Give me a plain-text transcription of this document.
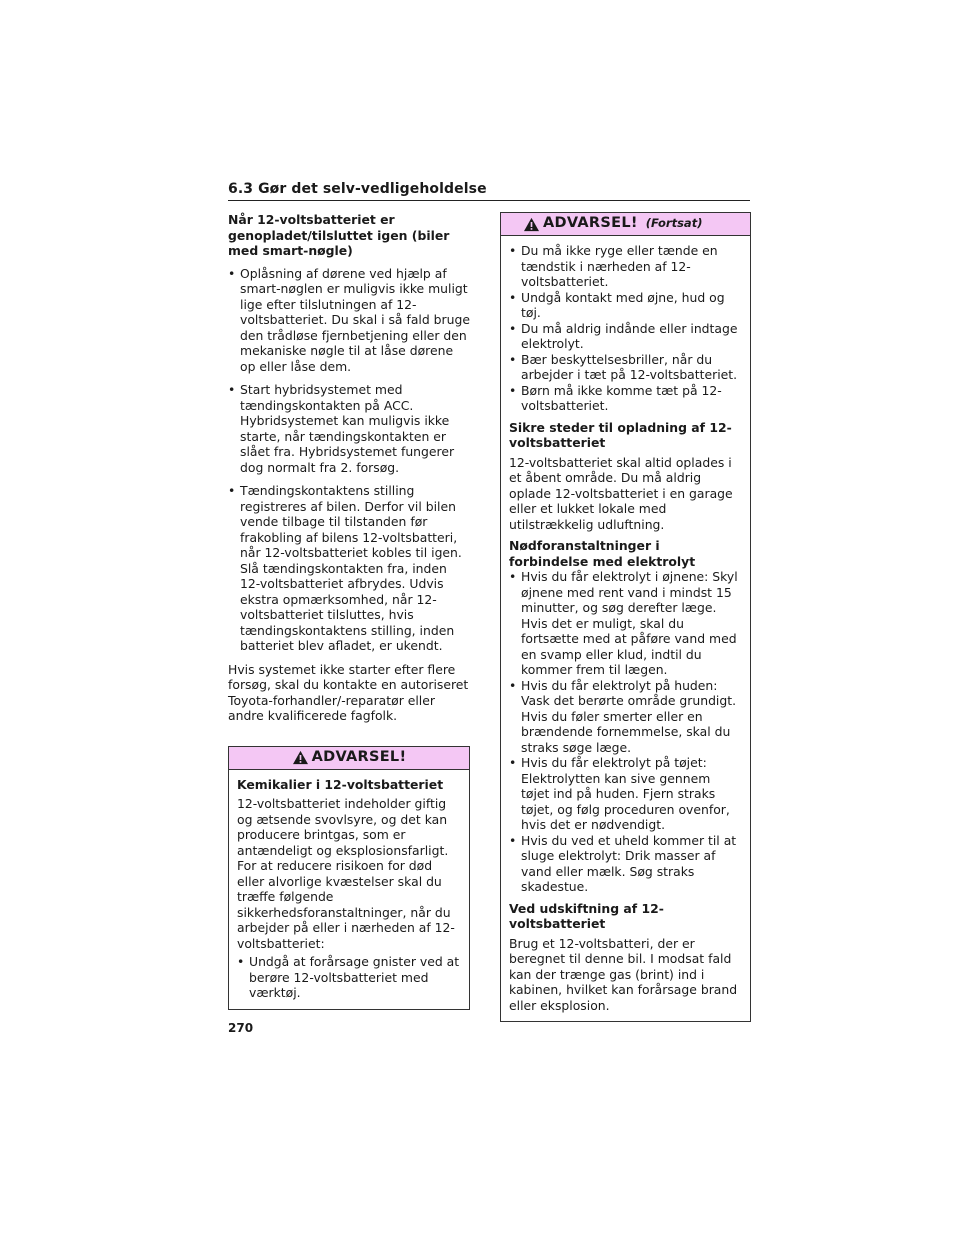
6.3 Gør det selv-vedligeholdelse
Når 12-voltsbatteriet er genopladet/tilsluttet igen (biler med smart-nøgle)
• Oplåsning af dørene ved hjælp af smart-nøglen er muligvis ikke muligt lige efter tilslutningen af 12-voltsbatteriet. Du skal i så fald bruge den trådløse fjernbetjening eller den mekaniske nøgle til at låse dørene op eller låse dem.
• Start hybridsystemet med tændingskontakten på ACC. Hybridsystemet kan muligvis ikke starte, når tændingskontakten er slået fra. Hybridsystemet fungerer dog normalt fra 2. forsøg.
• Tændingskontaktens stilling registreres af bilen. Derfor vil bilen vende tilbage til tilstanden før frakobling af bilens 12-voltsbatteri, når 12-voltsbatteriet kobles til igen. Slå tændingskontakten fra, inden 12-voltsbatteriet afbrydes. Udvis ekstra opmærksomhed, når 12-voltsbatteriet tilsluttes, hvis tændingskontaktens stilling, inden batteriet blev afladet, er ukendt.
Hvis systemet ikke starter efter flere forsøg, skal du kontakte en autoriseret Toyota-forhandler/-reparatør eller andre kvalificerede fagfolk.
ADVARSEL!
Kemikalier i 12-voltsbatteriet
12-voltsbatteriet indeholder giftig og ætsende svovlsyre, og det kan producere brintgas, som er antændeligt og eksplosionsfarligt. For at reducere risikoen for død eller alvorlige kvæstelser skal du træffe følgende sikkerhedsforanstaltninger, når du arbejder på eller i nærheden af 12-voltsbatteriet:
• Undgå at forårsage gnister ved at berøre 12-voltsbatteriet med værktøj.
ADVARSEL! (Fortsat)
• Du må ikke ryge eller tænde en tændstik i nærheden af 12-voltsbatteriet.
• Undgå kontakt med øjne, hud og tøj.
• Du må aldrig indånde eller indtage elektrolyt.
• Bær beskyttelsesbriller, når du arbejder i tæt på 12-voltsbatteriet.
• Børn må ikke komme tæt på 12-voltsbatteriet.
Sikre steder til opladning af 12-voltsbatteriet
12-voltsbatteriet skal altid oplades i et åbent område. Du må aldrig oplade 12-voltsbatteriet i en garage eller et lukket lokale med utilstrækkelig udluftning.
Nødforanstaltninger i forbindelse med elektrolyt
• Hvis du får elektrolyt i øjnene: Skyl øjnene med rent vand i mindst 15 minutter, og søg derefter læge. Hvis det er muligt, skal du fortsætte med at påføre vand med en svamp eller klud, indtil du kommer frem til lægen.
• Hvis du får elektrolyt på huden: Vask det berørte område grundigt. Hvis du føler smerter eller en brændende fornemmelse, skal du straks søge læge.
• Hvis du får elektrolyt på tøjet: Elektrolytten kan sive gennem tøjet ind på huden. Fjern straks tøjet, og følg proceduren ovenfor, hvis det er nødvendigt.
• Hvis du ved et uheld kommer til at sluge elektrolyt: Drik masser af vand eller mælk. Søg straks skadestue.
Ved udskiftning af 12-voltsbatteriet
Brug et 12-voltsbatteri, der er beregnet til denne bil. I modsat fald kan der trænge gas (brint) ind i kabinen, hvilket kan forårsage brand eller eksplosion.
270
